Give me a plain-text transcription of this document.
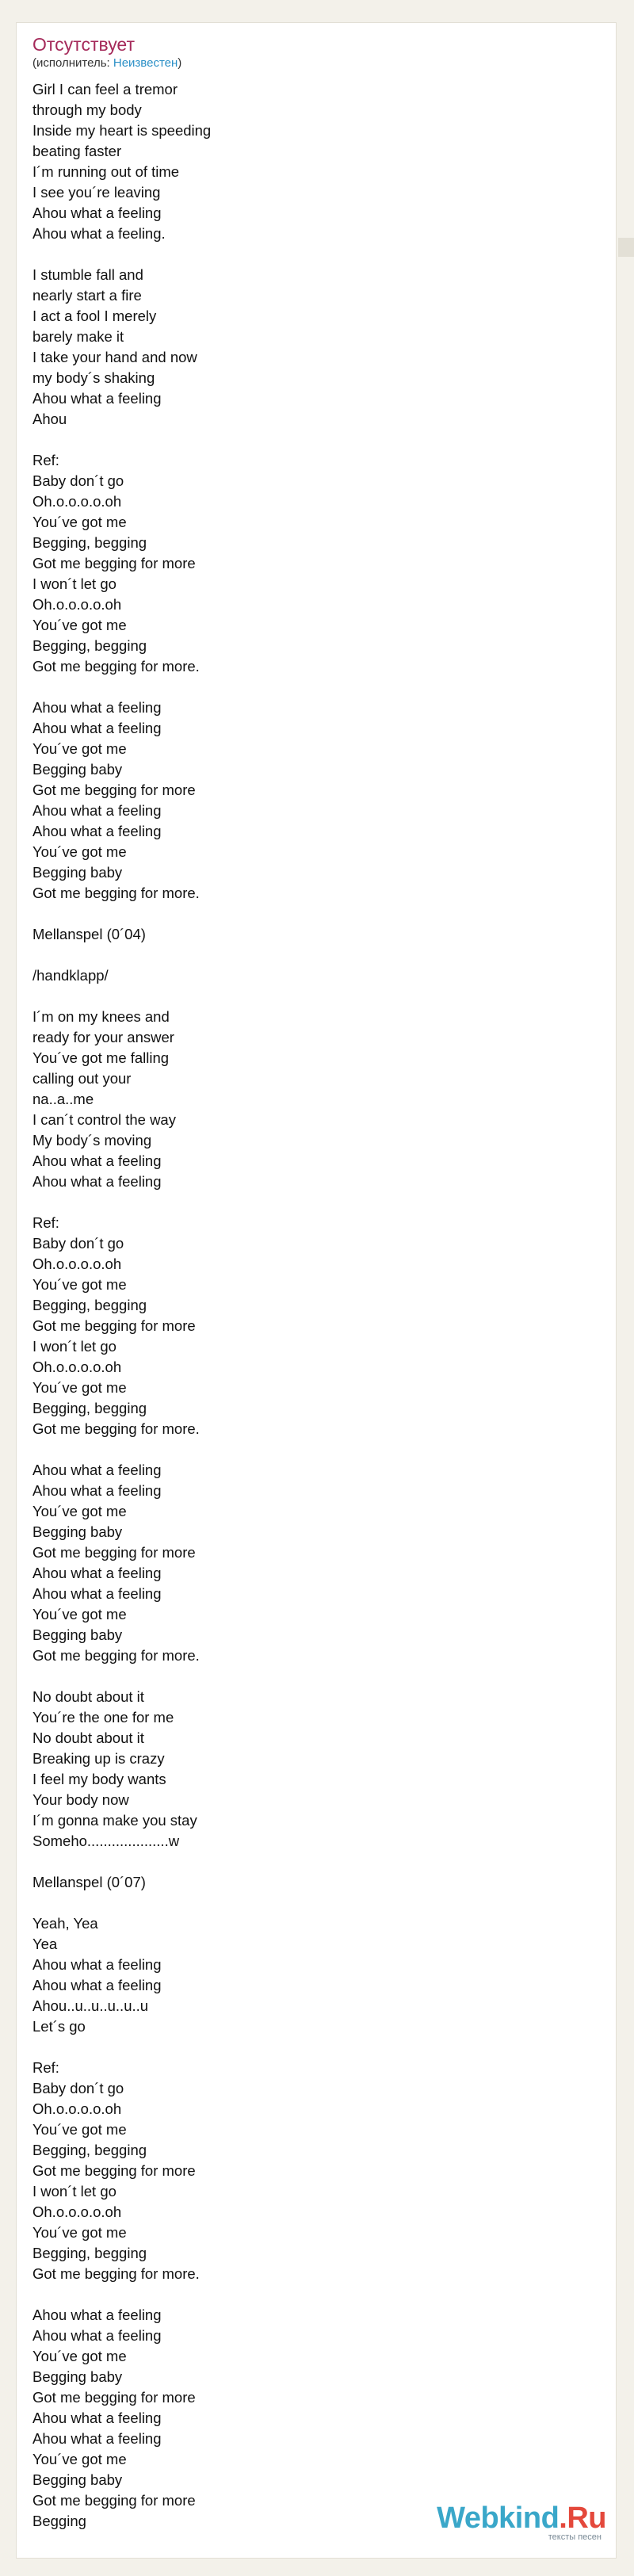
Отсутствует
(исполнитель: Неизвестен)
Girl I can feel a tremor
through my body
Inside my heart is speeding
beating faster
I´m running out of time
I see you´re leaving
Ahou what a feeling
Ahou what a feeling.
I stumble fall and
nearly start a fire
I act a fool I merely
barely make it
I take your hand and now
my body´s shaking
Ahou what a feeling
Ahou
Ref:
Baby don´t go
Oh.o.o.o.o.oh
You´ve got me
Begging, begging
Got me begging for more
I won´t let go
Oh.o.o.o.o.oh
You´ve got me
Begging, begging
Got me begging for more.
Ahou what a feeling
Ahou what a feeling
You´ve got me
Begging baby
Got me begging for more
Ahou what a feeling
Ahou what a feeling
You´ve got me
Begging baby
Got me begging for more.
Mellanspel (0´04)
/handklapp/
I´m on my knees and
ready for your answer
You´ve got me falling
calling out your
na..a..me
I can´t control the way
My body´s moving
Ahou what a feeling
Ahou what a feeling
Ref:
Baby don´t go
Oh.o.o.o.o.oh
You´ve got me
Begging, begging
Got me begging for more
I won´t let go
Oh.o.o.o.o.oh
You´ve got me
Begging, begging
Got me begging for more.
Ahou what a feeling
Ahou what a feeling
You´ve got me
Begging baby
Got me begging for more
Ahou what a feeling
Ahou what a feeling
You´ve got me
Begging baby
Got me begging for more.
No doubt about it
You´re the one for me
No doubt about it
Breaking up is crazy
I feel my body wants
Your body now
I´m gonna make you stay
Someho....................w
Mellanspel (0´07)
Yeah, Yea
Yea
Ahou what a feeling
Ahou what a feeling
Ahou..u..u..u..u..u
Let´s go
Ref:
Baby don´t go
Oh.o.o.o.o.oh
You´ve got me
Begging, begging
Got me begging for more
I won´t let go
Oh.o.o.o.o.oh
You´ve got me
Begging, begging
Got me begging for more.
Ahou what a feeling
Ahou what a feeling
You´ve got me
Begging baby
Got me begging for more
Ahou what a feeling
Ahou what a feeling
You´ve got me
Begging baby
Got me begging for more
Begging	Webkind.Ru
тексты песен
